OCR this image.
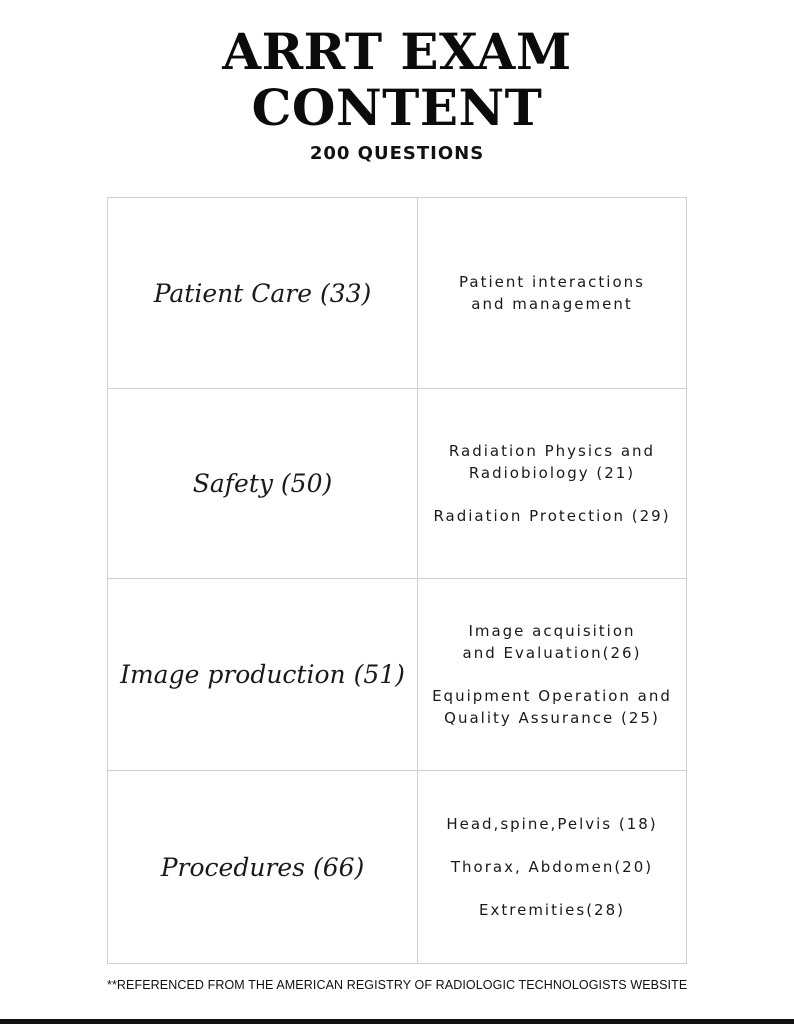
ARRT EXAM
CONTENT
200 QUESTIONS
Patient Care (33)	Patient interactions and management

Safety (50)	Radiation Physics and Radiobiology (21)
Radiation Protection (29)

Image production (51)	Image acquisition and Evaluation(26)
Equipment Operation and Quality Assurance (25)

Procedures (66)	Head,spine,Pelvis (18)
Thorax, Abdomen(20)
Extremities(28)
**REFERENCED FROM THE AMERICAN REGISTRY OF RADIOLOGIC TECHNOLOGISTS WEBSITE
